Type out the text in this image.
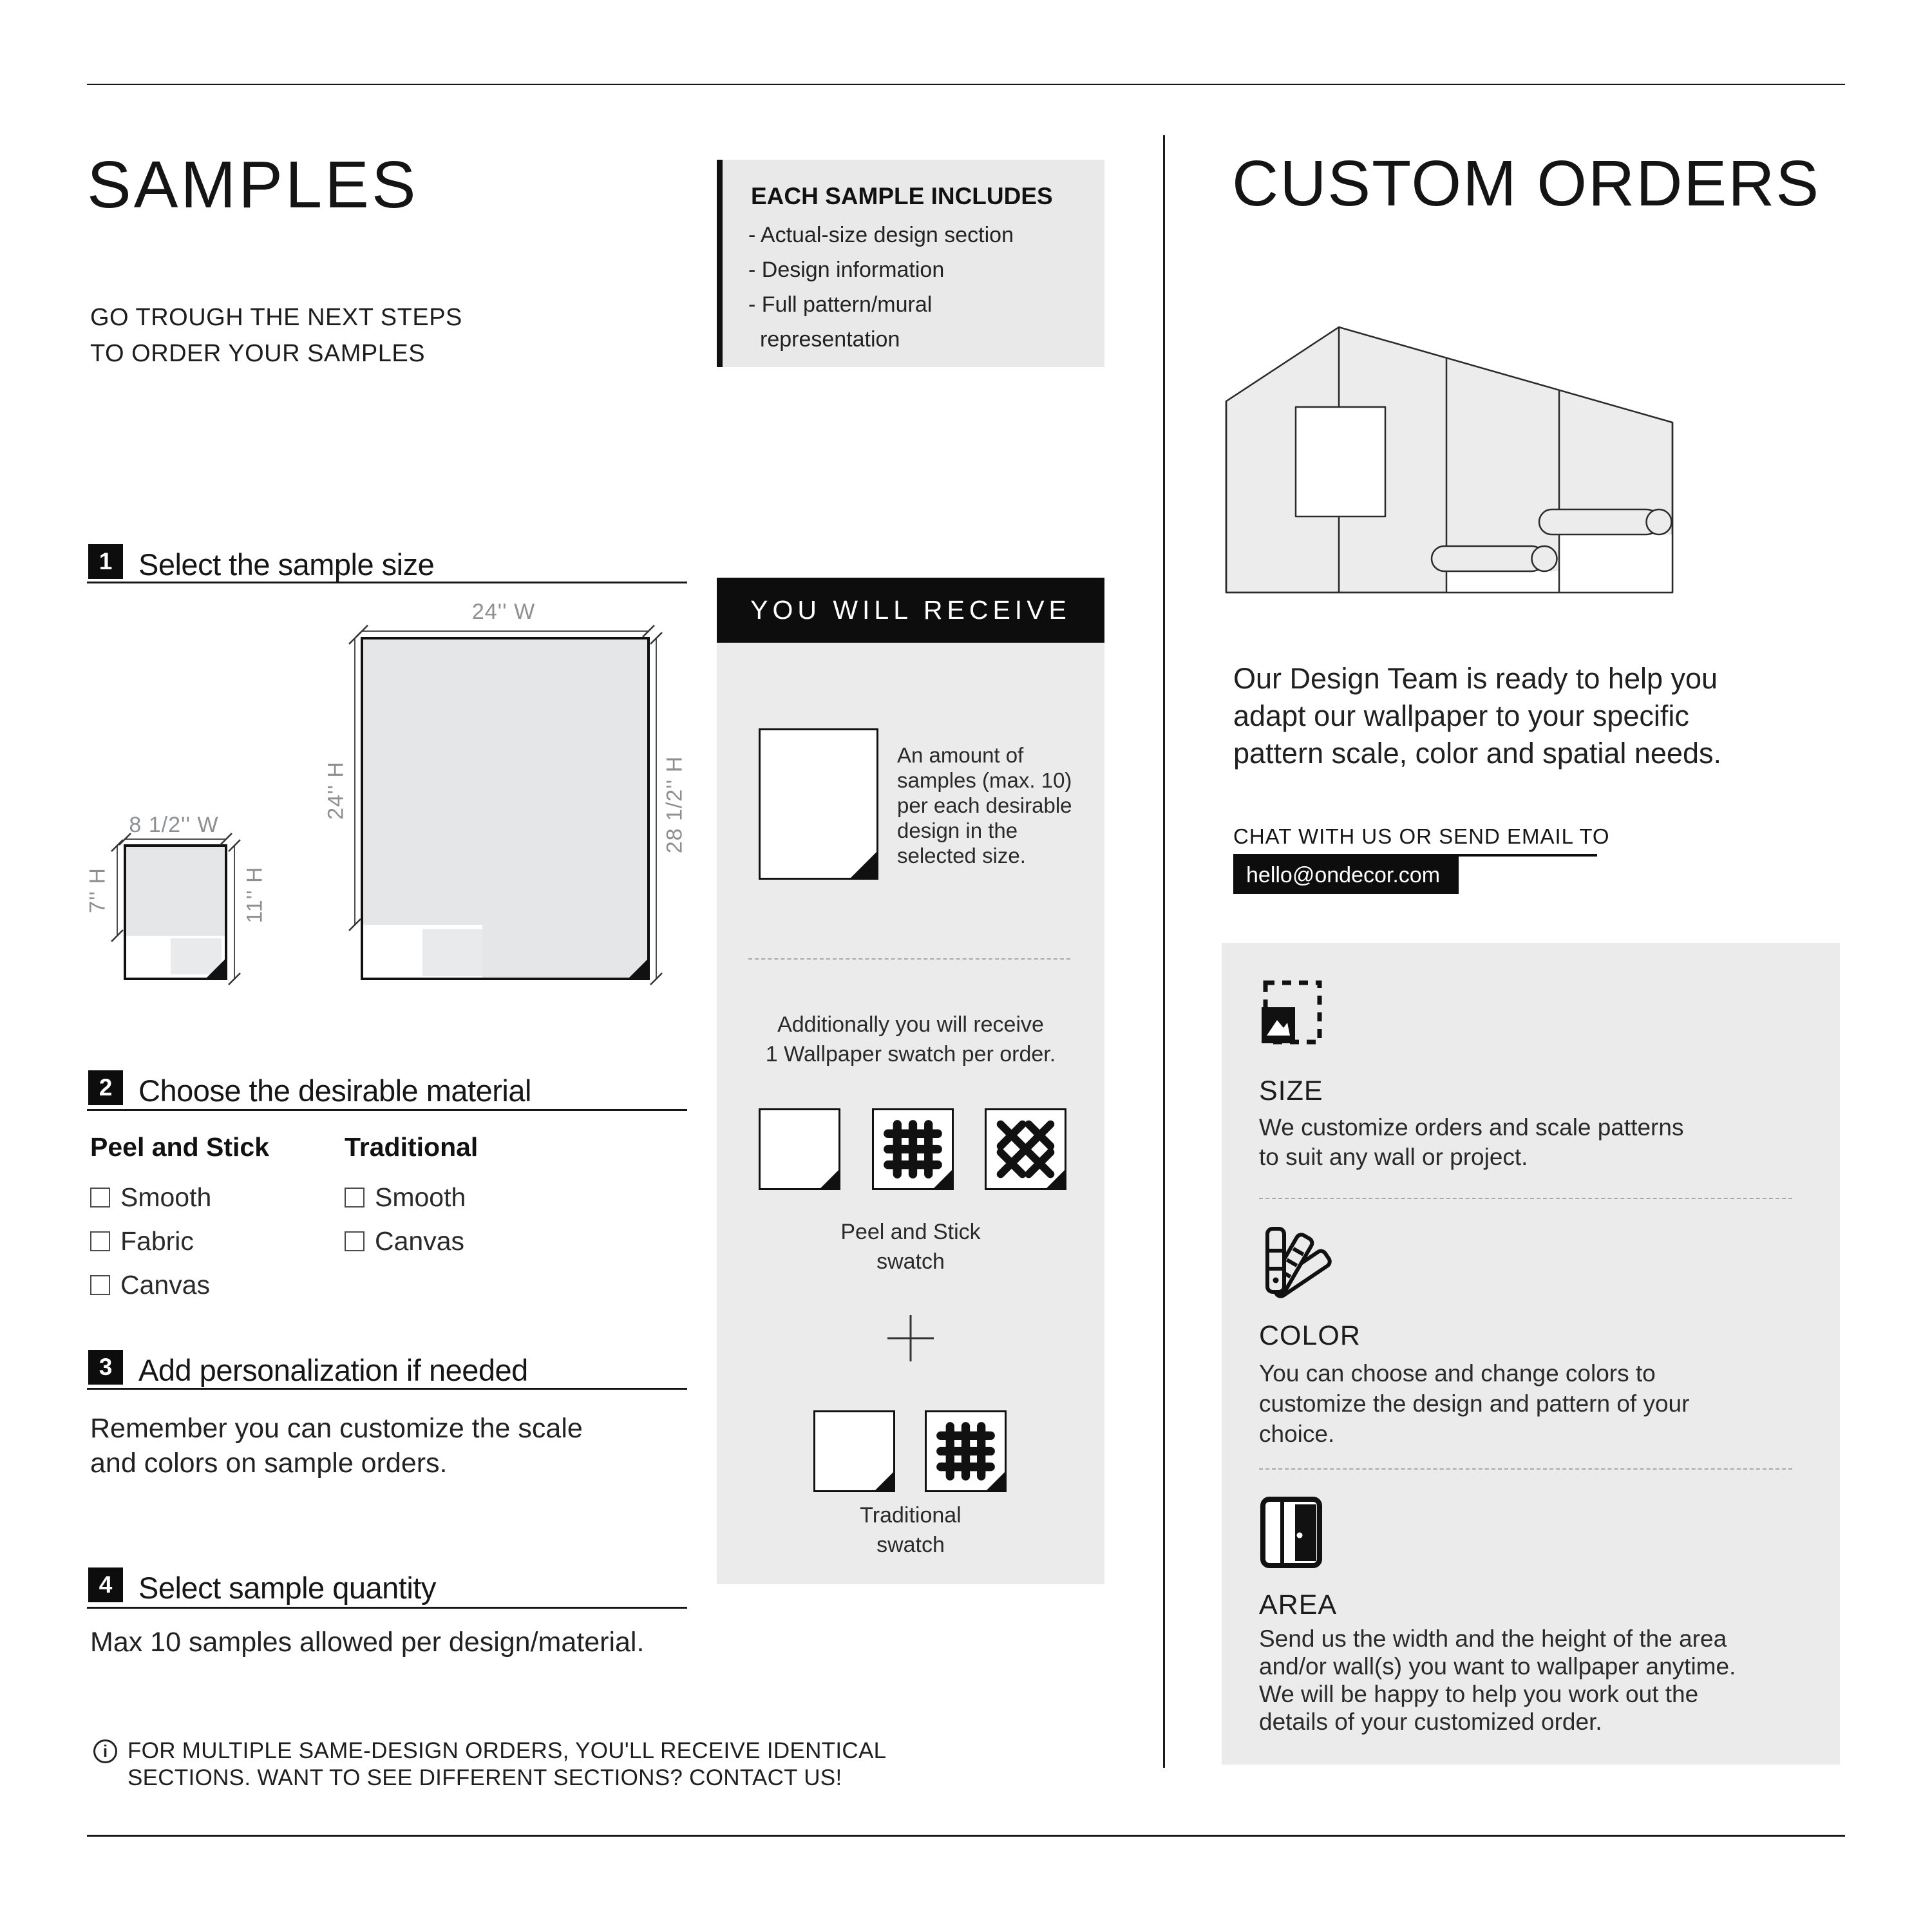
SAMPLES
GO TROUGH THE NEXT STEPS
TO ORDER YOUR SAMPLES
1 Select the sample size
8 1/2'' W
7'' H	11'' H
24'' W
24'' H	28 1/2'' H
2 Choose the desirable material
Peel and Stick	Traditional
Smooth
Fabric
Canvas
Smooth
Canvas
3 Add personalization if needed
Remember you can customize the scale
and colors on sample orders.
4 Select sample quantity
Max 10 samples allowed per design/material.
i FOR MULTIPLE SAME-DESIGN ORDERS, YOU'LL RECEIVE IDENTICAL
SECTIONS. WANT TO SEE DIFFERENT SECTIONS? CONTACT US!
EACH SAMPLE INCLUDES
- Actual-size design section
- Design information
- Full pattern/mural
representation
YOU WILL RECEIVE
An amount of
samples (max. 10)
per each desirable
design in the
selected size.
Additionally you will receive
1 Wallpaper swatch per order.
Peel and Stick
swatch
Traditional
swatch
CUSTOM ORDERS
Our Design Team is ready to help you
adapt our wallpaper to your specific
pattern scale, color and spatial needs.
CHAT WITH US OR SEND EMAIL TO
hello@ondecor.com
SIZE
We customize orders and scale patterns
to suit any wall or project.
COLOR
You can choose and change colors to
customize the design and pattern of your
choice.
AREA
Send us the width and the height of the area
and/or wall(s) you want to wallpaper anytime.
We will be happy to help you work out the
details of your customized order.
